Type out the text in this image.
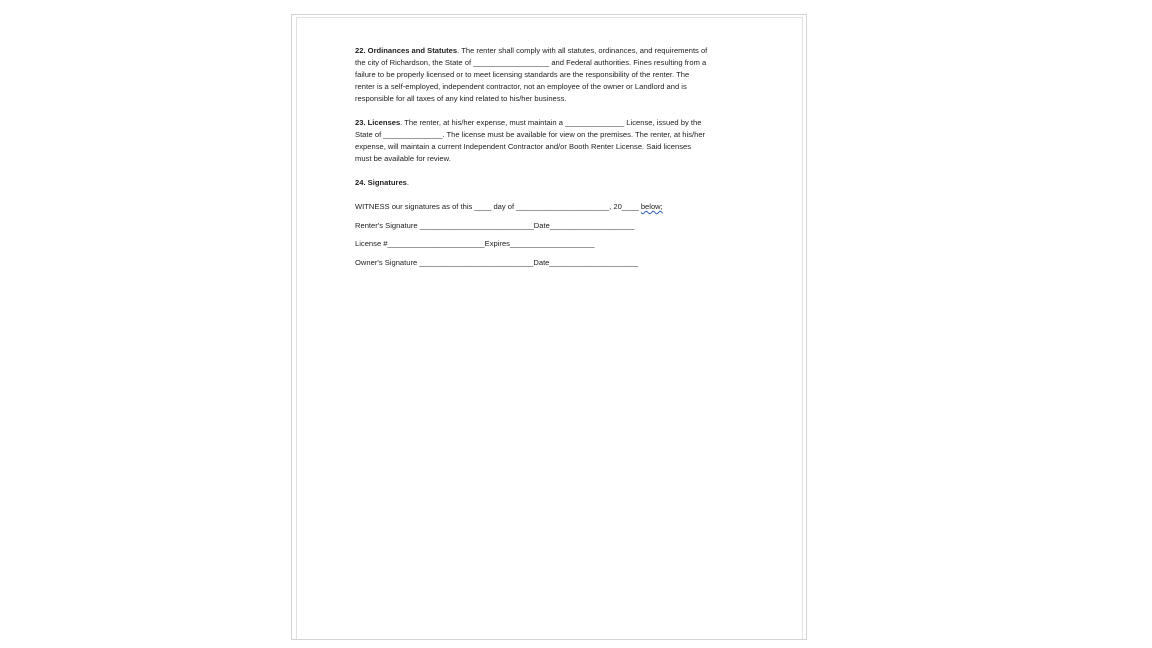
22. Ordinances and Statutes. The renter shall comply with all statutes, ordinances, and requirements of
the city of Richardson, the State of __________________ and Federal authorities. Fines resulting from a
failure to be properly licensed or to meet licensing standards are the responsibility of the renter. The
renter is a self-employed, independent contractor, not an employee of the owner or Landlord and is
responsible for all taxes of any kind related to his/her business.
23. Licenses. The renter, at his/her expense, must maintain a ______________ License, issued by the
State of ______________. The license must be available for view on the premises. The renter, at his/her
expense, will maintain a current Independent Contractor and/or Booth Renter License. Said licenses
must be available for review.
24. Signatures.
WITNESS our signatures as of this ____ day of ______________________, 20____ below;
Renter's Signature ___________________________Date____________________
License #_______________________Expires____________________
Owner's Signature ___________________________Date_____________________
